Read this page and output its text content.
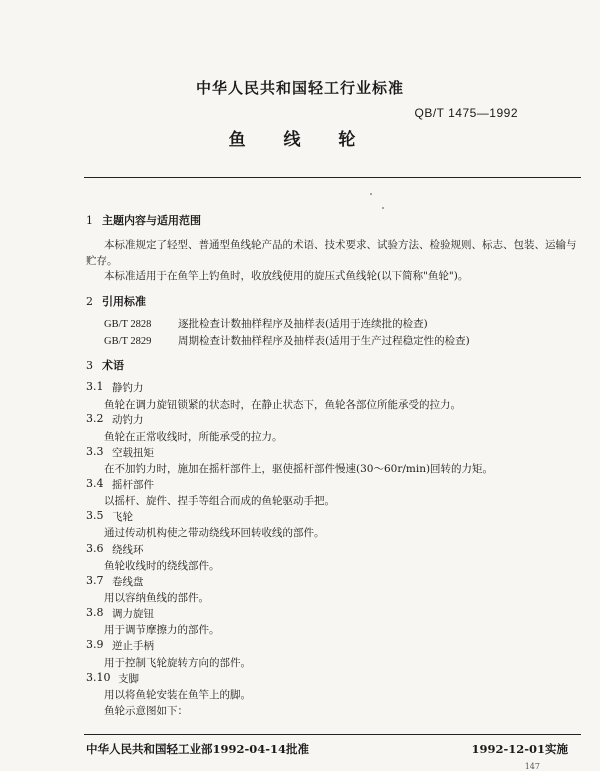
中华人民共和国轻工行业标准
QB/T 1475—1992
鱼 线 轮
1 主题内容与适用范围
本标准规定了轻型、普通型鱼线轮产品的术语、技术要求、试验方法、检验规则、标志、包装、运输与
贮存。
本标准适用于在鱼竿上钓鱼时，收放线使用的旋压式鱼线轮(以下简称"鱼轮")。
2 引用标准
GB/T 2828	逐批检查计数抽样程序及抽样表(适用于连续批的检查)
GB/T 2829	周期检查计数抽样程序及抽样表(适用于生产过程稳定性的检查)
3 术语
3.1 静钓力
鱼轮在调力旋钮锁紧的状态时，在静止状态下，鱼轮各部位所能承受的拉力。
3.2 动钓力
鱼轮在正常收线时，所能承受的拉力。
3.3 空载扭矩
在不加钓力时，施加在摇杆部件上，驱使摇杆部件慢速(30～60r/min)回转的力矩。
3.4 摇杆部件
以摇杆、旋件、捏手等组合而成的鱼轮驱动手把。
3.5 飞轮
通过传动机构使之带动绕线环回转收线的部件。
3.6 绕线环
鱼轮收线时的绕线部件。
3.7 卷线盘
用以容纳鱼线的部件。
3.8 调力旋钮
用于调节摩擦力的部件。
3.9 逆止手柄
用于控制飞轮旋转方向的部件。
3.10 支脚
用以将鱼轮安装在鱼竿上的脚。
鱼轮示意图如下：
中华人民共和国轻工业部1992-04-14批准	1992-12-01实施
147
